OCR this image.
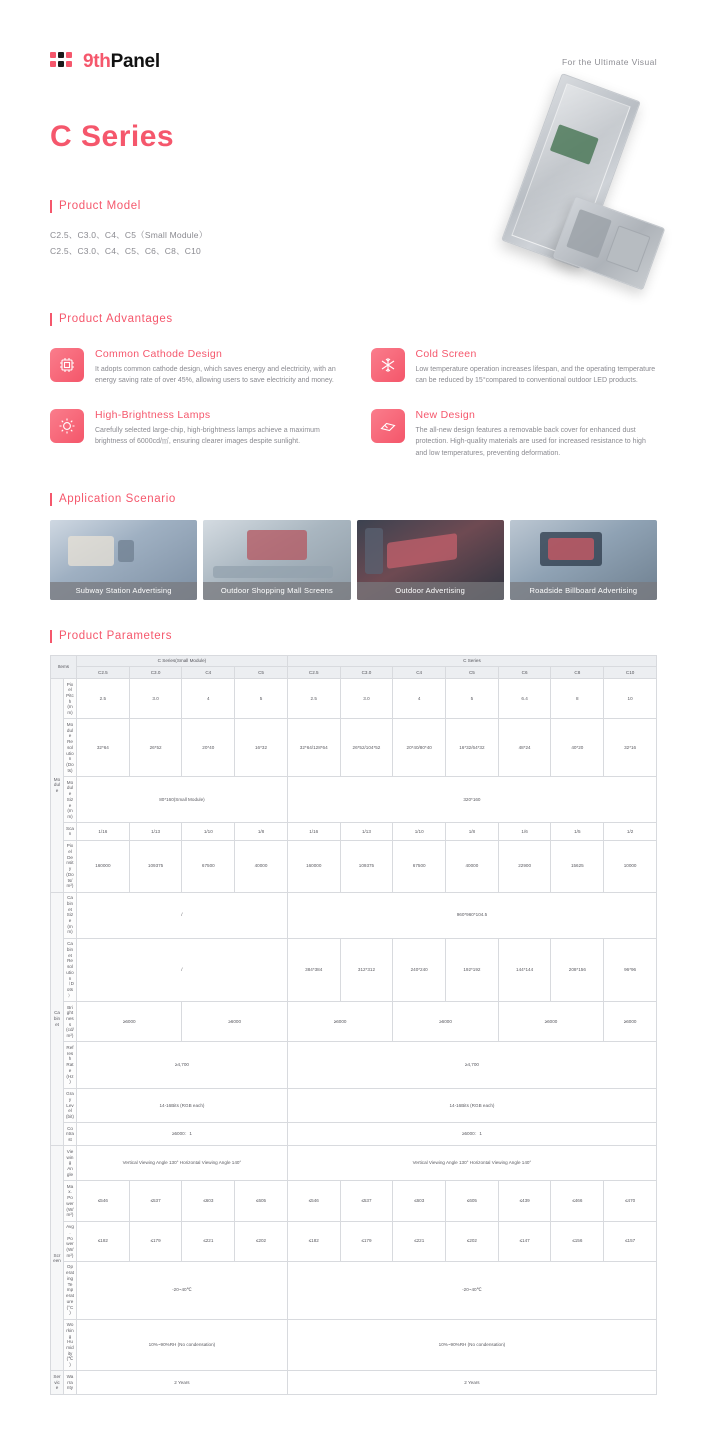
9thPanel	For the Ultimate Visual
C Series
Product Model
C2.5、C3.0、C4、C5（Small Module）
C2.5、C3.0、C4、C5、C6、C8、C10
Product Advantages
Common Cathode Design
It adopts common cathode design, which saves energy and electricity, with an energy saving rate of over 45%, allowing users to save electricity and money.
Cold Screen
Low temperature operation increases lifespan, and the operating temperature can be reduced by 15°compared to conventional outdoor LED products.
High-Brightness Lamps
Carefully selected large-chip, high-brightness lamps achieve a maximum brightness of 6000cd/㎡, ensuring clearer images despite sunlight.
New Design
The all-new design features a removable back cover for enhanced dust protection. High-quality materials are used for increased resistance to high and low temperatures, preventing deformation.
Application Scenario
Subway Station Advertising	Outdoor Shopping Mall Screens	Outdoor Advertising	Roadside Billboard Advertising
Product Parameters
Items		C Series(Small Module)				C Series						
		C2.5	C3.0	C4	C5	C2.5	C3.0	C4	C5	C6	C8	C10
Module	Pixel Pitch (mm)	2.5	3.0	4	5	2.5	3.0	4	5	6.4	8	10
	Module Resolution (Dots)	32*64	26*52	20*40	16*32	32*64/128*64	26*52/104*52	20*40/80*40	16*32/64*32	48*24	40*20	32*16
	Module Size (mm)	80*160(Small Module)				320*160						
	Scan	1/16	1/13	1/10	1/8	1/16	1/13	1/10	1/8	1/6	1/5	1/2
	Pixel Density (Dots/m²)	160000	109375	67500	40000	160000	109375	67500	40000	22900	15625	10000
Cabinet	Cabinet Size (mm)	/				960*960*104.5						
	Cabinet Resolution（Dots）	/				384*384	312*312	240*240	192*192	144*144	208*156	96*96
	Brightness (cd/m²)	≥6000		≥6000		≥6000		≥6000		≥6000		≥6000
	Refresh Rate (Hz)	≥4,700				≥4,700						
	Gray Level (bit)	14-16Bits (RGB each)				14-16Bits (RGB each)						
	Contrast	≥5000：1				≥5000：1						
Screen	Viewing Angle	Vertical Viewing Angle 130° Horizontal Viewing Angle 140°				Vertical Viewing Angle 130° Horizontal Viewing Angle 140°						
	Max. Power(W/m²)	≤546	≤537	≤603	≤605	≤546	≤537	≤603	≤605	≤439	≤466	≤470
	Avg. Power(W/m²)	≤182	≤179	≤221	≤202	≤182	≤179	≤221	≤202	≤147	≤156	≤157
	Operating Temperature (°C)	-20~40℃				-20~40℃						
	Working Humidity (℃ )	10%~90%RH (No condensation)				10%~90%RH (No condensation)						
Service	Warranty	2 Years				2 Years						
